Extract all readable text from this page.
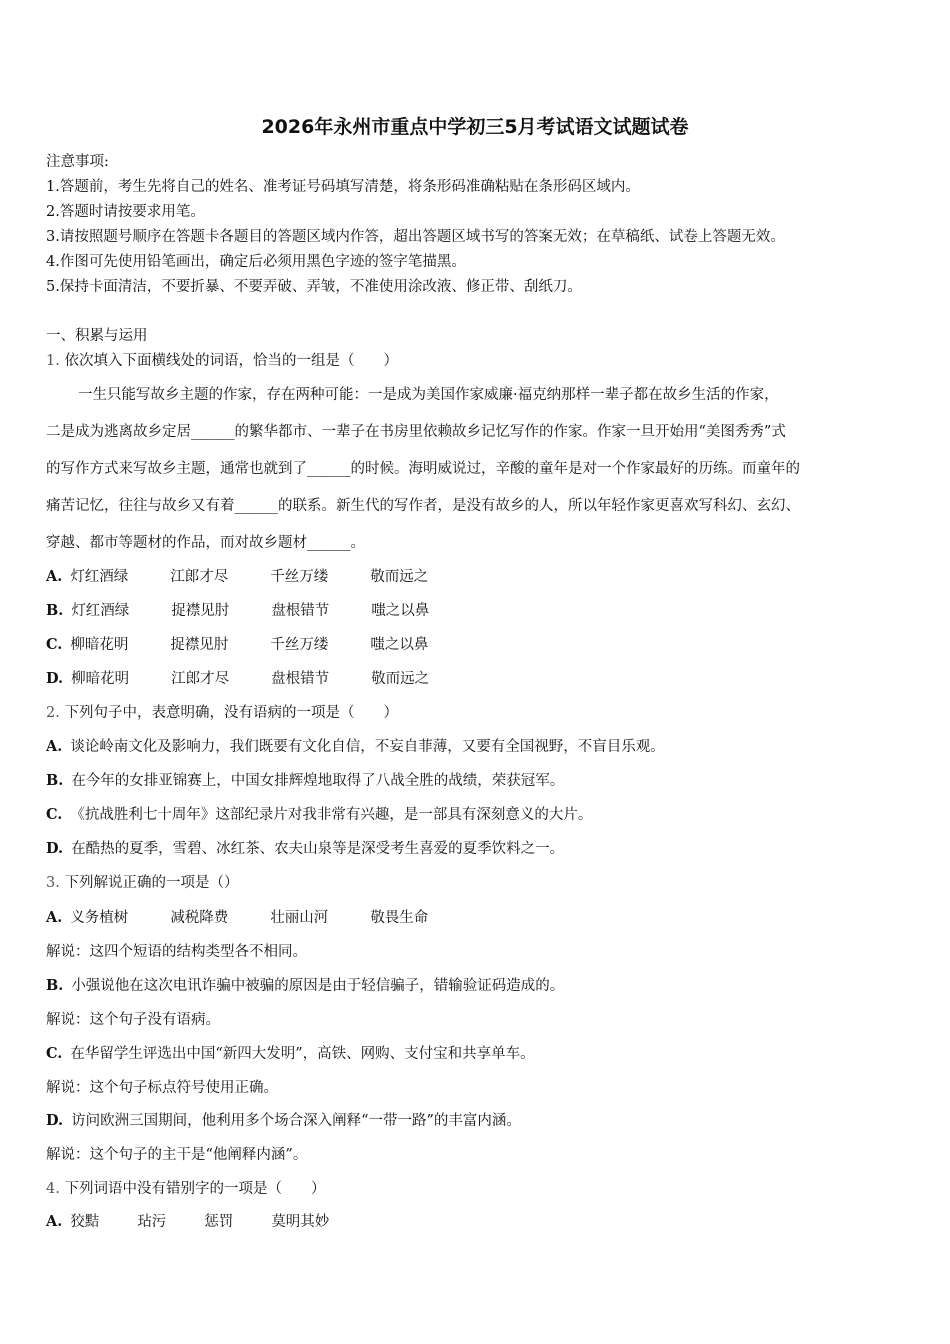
2026年永州市重点中学初三5月考试语文试题试卷
注意事项:
1.答题前，考生先将自己的姓名、准考证号码填写清楚，将条形码准确粘贴在条形码区域内。
2.答题时请按要求用笔。
3.请按照题号顺序在答题卡各题目的答题区域内作答，超出答题区域书写的答案无效；在草稿纸、试卷上答题无效。
4.作图可先使用铅笔画出，确定后必须用黑色字迹的签字笔描黑。
5.保持卡面清洁，不要折暴、不要弄破、弄皱，不准使用涂改液、修正带、刮纸刀。
一、积累与运用
1. 依次填入下面横线处的词语，恰当的一组是（　　）
一生只能写故乡主题的作家，存在两种可能：一是成为美国作家威廉·福克纳那样一辈子都在故乡生活的作家，
二是成为逃离故乡定居______的繁华都市、一辈子在书房里依赖故乡记忆写作的作家。作家一旦开始用“美图秀秀”式
的写作方式来写故乡主题，通常也就到了______的时候。海明威说过，辛酸的童年是对一个作家最好的历练。而童年的
痛苦记忆，往往与故乡又有着______的联系。新生代的写作者，是没有故乡的人，所以年轻作家更喜欢写科幻、玄幻、
穿越、都市等题材的作品，而对故乡题材______。
A. 灯红酒绿	江郎才尽	千丝万缕	敬而远之
B. 灯红酒绿	捉襟见肘	盘根错节	嗤之以鼻
C. 柳暗花明	捉襟见肘	千丝万缕	嗤之以鼻
D. 柳暗花明	江郎才尽	盘根错节	敬而远之
2. 下列句子中，表意明确，没有语病的一项是（　　）
A. 谈论岭南文化及影响力，我们既要有文化自信，不妄自菲薄，又要有全国视野，不盲目乐观。
B. 在今年的女排亚锦赛上，中国女排辉煌地取得了八战全胜的战绩，荣获冠军。
C. 《抗战胜利七十周年》这部纪录片对我非常有兴趣，是一部具有深刻意义的大片。
D. 在酷热的夏季，雪碧、冰红茶、农夫山泉等是深受考生喜爱的夏季饮料之一。
3. 下列解说正确的一项是（）
A. 义务植树	减税降费	壮丽山河	敬畏生命
解说：这四个短语的结构类型各不相同。
B. 小强说他在这次电讯诈骗中被骗的原因是由于轻信骗子，错输验证码造成的。
解说：这个句子没有语病。
C. 在华留学生评选出中国“新四大发明”，高铁、网购、支付宝和共享单车。
解说：这个句子标点符号使用正确。
D. 访问欧洲三国期间，他利用多个场合深入阐释“一带一路”的丰富内涵。
解说：这个句子的主干是“他阐释内涵”。
4. 下列词语中没有错别字的一项是（　　）
A. 狡黠	玷污	惩罚	莫明其妙
